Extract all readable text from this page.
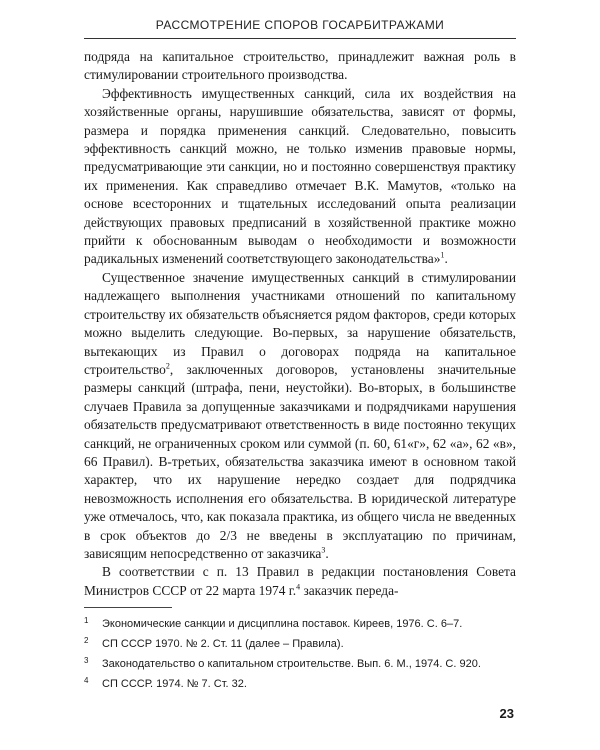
РАССМОТРЕНИЕ СПОРОВ ГОСАРБИТРАЖАМИ

подряда на капитальное строительство, принадлежит важная роль в стимулировании строительного производства.

Эффективность имущественных санкций, сила их воздействия на хозяйственные органы, нарушившие обязательства, зависят от формы, размера и порядка применения санкций. Следовательно, повысить эффективность санкций можно, не только изменив правовые нормы, предусматривающие эти санкции, но и постоянно совершенствуя практику их применения. Как справедливо отмечает В.К. Мамутов, «только на основе всесторонних и тщательных исследований опыта реализации действующих правовых предписаний в хозяйственной практике можно прийти к обоснованным выводам о необходимости и возможности радикальных изменений соответствующего законодательства»$^1$.

Существенное значение имущественных санкций в стимулировании надлежащего выполнения участниками отношений по капитальному строительству их обязательств объясняется рядом факторов, среди которых можно выделить следующие. Во-первых, за нарушение обязательств, вытекающих из Правил о договорах подряда на капитальное строительство$^2$, заключенных договоров, установлены значительные размеры санкций (штрафа, пени, неустойки). Во-вторых, в большинстве случаев Правила за допущенные заказчиками и подрядчиками нарушения обязательств предусматривают ответственность в виде постоянно текущих санкций, не ограниченных сроком или суммой (п. 60, 61«г», 62 «а», 62 «в», 66 Правил). В-третьих, обязательства заказчика имеют в основном такой характер, что их нарушение нередко создает для подрядчика невозможность исполнения его обязательства. В юридической литературе уже отмечалось, что, как показала практика, из общего числа не введенных в срок объектов до 2/3 не введены в эксплуатацию по причинам, зависящим непосредственно от заказчика$^3$.

В соответствии с п. 13 Правил в редакции постановления Совета Министров СССР от 22 марта 1974 г.$^4$ заказчик переда-

1	Экономические санкции и дисциплина поставок. Киреев, 1976. С. 6–7.
2	СП СССР 1970. № 2. Ст. 11 (далее – Правила).
3	Законодательство о капитальном строительстве. Вып. 6. М., 1974. С. 920.
4	СП СССР. 1974. № 7. Ст. 32.
23
